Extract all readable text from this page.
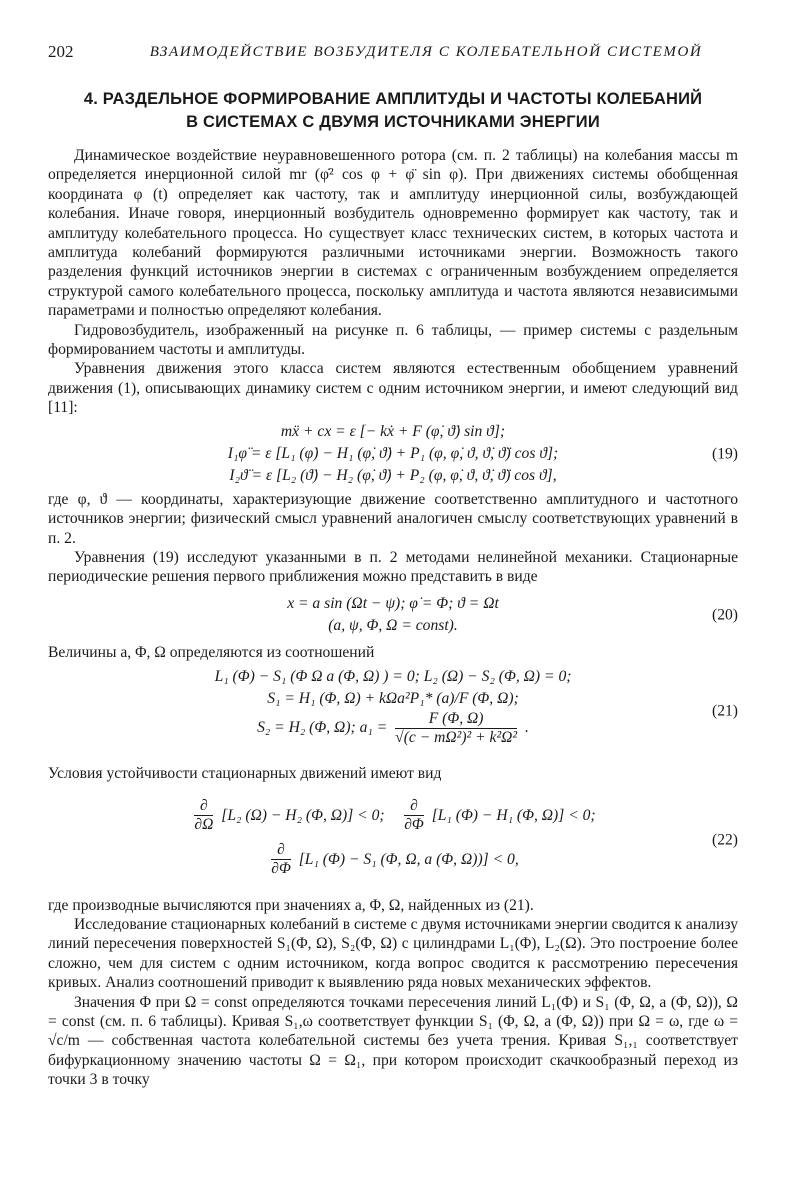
202	ВЗАИМОДЕЙСТВИЕ ВОЗБУДИТЕЛЯ С КОЛЕБАТЕЛЬНОЙ СИСТЕМОЙ
4. РАЗДЕЛЬНОЕ ФОРМИРОВАНИЕ АМПЛИТУДЫ И ЧАСТОТЫ КОЛЕБАНИЙ
В СИСТЕМАХ С ДВУМЯ ИСТОЧНИКАМИ ЭНЕРГИИ

Динамическое воздействие неуравновешенного ротора (см. п. 2 таблицы) на колебания массы m определяется инерционной силой mr (φ̇² cos φ + φ̈ sin φ). При движениях системы обобщенная координата φ (t) определяет как частоту, так и амплитуду инерционной силы, возбуждающей колебания. Иначе говоря, инерционный возбудитель одновременно формирует как частоту, так и амплитуду колебательного процесса. Но существует класс технических систем, в которых частота и амплитуда колебаний формируются различными источниками энергии. Возможность такого разделения функций источников энергии в системах с ограниченным возбуждением определяется структурой самого колебательного процесса, поскольку амплитуда и частота являются независимыми параметрами и полностью определяют колебания.

Гидровозбудитель, изображенный на рисунке п. 6 таблицы, — пример системы с раздельным формированием частоты и амплитуды.

Уравнения движения этого класса систем являются естественным обобщением уравнений движения (1), описывающих динамику систем с одним источником энергии, и имеют следующий вид [11]:

mẍ + cx = ε [− kẋ + F (φ̇, ϑ̇) sin ϑ];
I₁φ̈ = ε [L₁ (φ̇) − H₁ (φ̇, ϑ̇) + P₁ (φ, φ̇, ϑ, ϑ̇, ϑ̈) cos ϑ];
I₂ϑ̈ = ε [L₂ (ϑ̇) − H₂ (φ̇, ϑ̇) + P₂ (φ, φ̇, ϑ, ϑ̇, ϑ̈) cos ϑ],
(19)

где φ, ϑ — координаты, характеризующие движение соответственно амплитудного и частотного источников энергии; физический смысл уравнений аналогичен смыслу соответствующих уравнений в п. 2.

Уравнения (19) исследуют указанными в п. 2 методами нелинейной механики. Стационарные периодические решения первого приближения можно представить в виде

x = a sin (Ωt − ψ); φ̇ = Φ; ϑ = Ωt
(a, ψ, Φ, Ω = const).
(20)

Величины a, Φ, Ω определяются из соотношений

L₁ (Φ) − S₁ (Φ Ω a (Φ, Ω) ) = 0; L₂ (Ω) − S₂ (Φ, Ω) = 0;
S₁ = H₁ (Φ, Ω) + kΩa²P₁* (a)/F (Φ, Ω);
S₂ = H₂ (Φ, Ω); $a_1 = \frac{F (\Phi, \Omega)}{\text{√(c − mΩ²)² + k²Ω²}}$ .
(21)

Условия устойчивости стационарных движений имеют вид

$\frac{\partial}{\partial\Omega} [L_2$ (Ω) − H₂ (Φ, Ω)] < 0; $\frac{\partial}{\partial\Phi} [L_1$ (Φ) − H₁ (Φ, Ω)] < 0;
$\frac{\partial}{\partial\Phi} [L_1$ (Φ) − S₁ (Φ, Ω, a (Φ, Ω))] < 0,
(22)

где производные вычисляются при значениях a, Φ, Ω, найденных из (21).

Исследование стационарных колебаний в системе с двумя источниками энергии сводится к анализу линий пересечения поверхностей S₁(Φ, Ω), S₂(Φ, Ω) с цилиндрами L₁(Φ), L₂(Ω). Это построение более сложно, чем для систем с одним источником, когда вопрос сводится к рассмотрению пересечения кривых. Анализ соотношений приводит к выявлению ряда новых механических эффектов.

Значения Φ при Ω = const определяются точками пересечения линий L₁(Φ) и S₁ (Φ, Ω, a (Φ, Ω)), Ω = const (см. п. 6 таблицы). Кривая S₁,ω соответствует функции S₁ (Φ, Ω, a (Φ, Ω)) при Ω = ω, где ω = √c/m — собственная частота колебательной системы без учета трения. Кривая S₁,₁ соответствует бифуркационному значению частоты Ω = Ω₁, при котором происходит скачкообразный переход из точки 3 в точку
